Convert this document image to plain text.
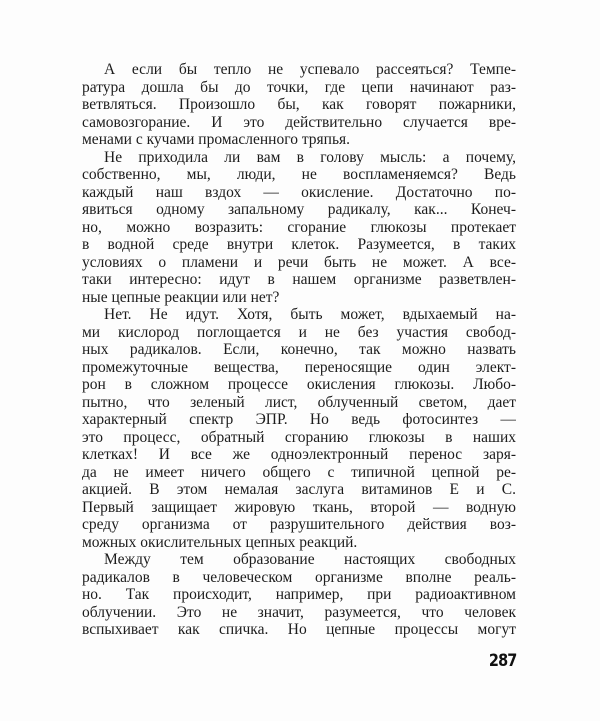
А если бы тепло не успевало рассеяться? Темпе-
ратура дошла бы до точки, где цепи начинают раз-
ветвляться. Произошло бы, как говорят пожарники,
самовозгорание. И это действительно случается вре-
менами с кучами промасленного тряпья.
Не приходила ли вам в голову мысль: а почему,
собственно, мы, люди, не воспламеняемся? Ведь
каждый наш вздох — окисление. Достаточно по-
явиться одному запальному радикалу, как... Конеч-
но, можно возразить: сгорание глюкозы протекает
в водной среде внутри клеток. Разумеется, в таких
условиях о пламени и речи быть не может. А все-
таки интересно: идут в нашем организме разветвлен-
ные цепные реакции или нет?
Нет. Не идут. Хотя, быть может, вдыхаемый на-
ми кислород поглощается и не без участия свобод-
ных радикалов. Если, конечно, так можно назвать
промежуточные вещества, переносящие один элект-
рон в сложном процессе окисления глюкозы. Любо-
пытно, что зеленый лист, облученный светом, дает
характерный спектр ЭПР. Но ведь фотосинтез —
это процесс, обратный сгоранию глюкозы в наших
клетках! И все же одноэлектронный перенос заря-
да не имеет ничего общего с типичной цепной ре-
акцией. В этом немалая заслуга витаминов Е и С.
Первый защищает жировую ткань, второй — водную
среду организма от разрушительного действия воз-
можных окислительных цепных реакций.
Между тем образование настоящих свободных
радикалов в человеческом организме вполне реаль-
но. Так происходит, например, при радиоактивном
облучении. Это не значит, разумеется, что человек
вспыхивает как спичка. Но цепные процессы могут
287
